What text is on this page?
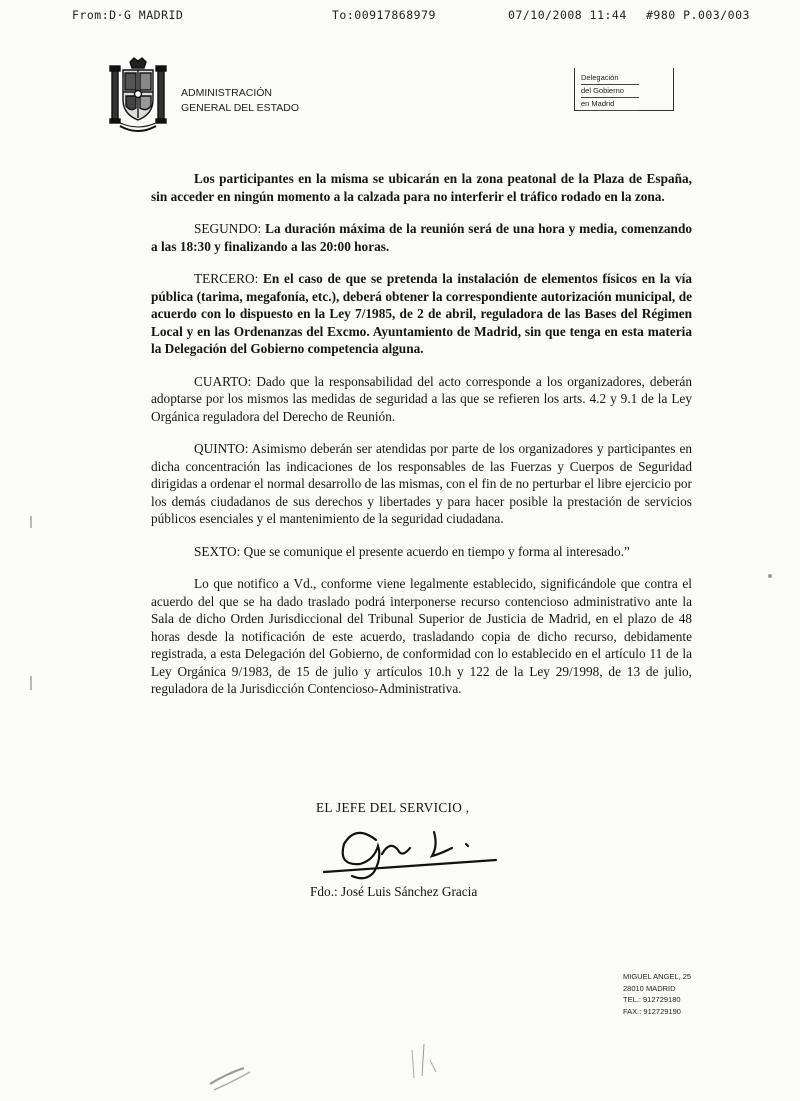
From:D·G MADRID	To:00917868979	07/10/2008 11:44 #980 P.003/003
ADMINISTRACIÓN
GENERAL DEL ESTADO
Delegación
del Gobierno
en Madrid

Los participantes en la misma se ubicarán en la zona peatonal de la Plaza de España, sin acceder en ningún momento a la calzada para no interferir el tráfico rodado en la zona.

SEGUNDO: La duración máxima de la reunión será de una hora y media, comenzando a las 18:30 y finalizando a las 20:00 horas.

TERCERO: En el caso de que se pretenda la instalación de elementos físicos en la vía pública (tarima, megafonía, etc.), deberá obtener la correspondiente autorización municipal, de acuerdo con lo dispuesto en la Ley 7/1985, de 2 de abril, reguladora de las Bases del Régimen Local y en las Ordenanzas del Excmo. Ayuntamiento de Madrid, sin que tenga en esta materia la Delegación del Gobierno competencia alguna.

CUARTO: Dado que la responsabilidad del acto corresponde a los organizadores, deberán adoptarse por los mismos las medidas de seguridad a las que se refieren los arts. 4.2 y 9.1 de la Ley Orgánica reguladora del Derecho de Reunión.

QUINTO: Asimismo deberán ser atendidas por parte de los organizadores y participantes en dicha concentración las indicaciones de los responsables de las Fuerzas y Cuerpos de Seguridad dirigidas a ordenar el normal desarrollo de las mismas, con el fin de no perturbar el libre ejercicio por los demás ciudadanos de sus derechos y libertades y para hacer posible la prestación de servicios públicos esenciales y el mantenimiento de la seguridad ciudadana.

SEXTO: Que se comunique el presente acuerdo en tiempo y forma al interesado.”

Lo que notifico a Vd., conforme viene legalmente establecido, significándole que contra el acuerdo del que se ha dado traslado podrá interponerse recurso contencioso administrativo ante la Sala de dicho Orden Jurisdiccional del Tribunal Superior de Justicia de Madrid, en el plazo de 48 horas desde la notificación de este acuerdo, trasladando copia de dicho recurso, debidamente registrada, a esta Delegación del Gobierno, de conformidad con lo establecido en el artículo 11 de la Ley Orgánica 9/1983, de 15 de julio y artículos 10.h y 122 de la Ley 29/1998, de 13 de julio, reguladora de la Jurisdicción Contencioso-Administrativa.

EL JEFE DEL SERVICIO ,
Fdo.: José Luis Sánchez Gracia
MIGUEL ANGEL, 25
28010 MADRID
TEL.: 912729180
FAX.: 912729190
